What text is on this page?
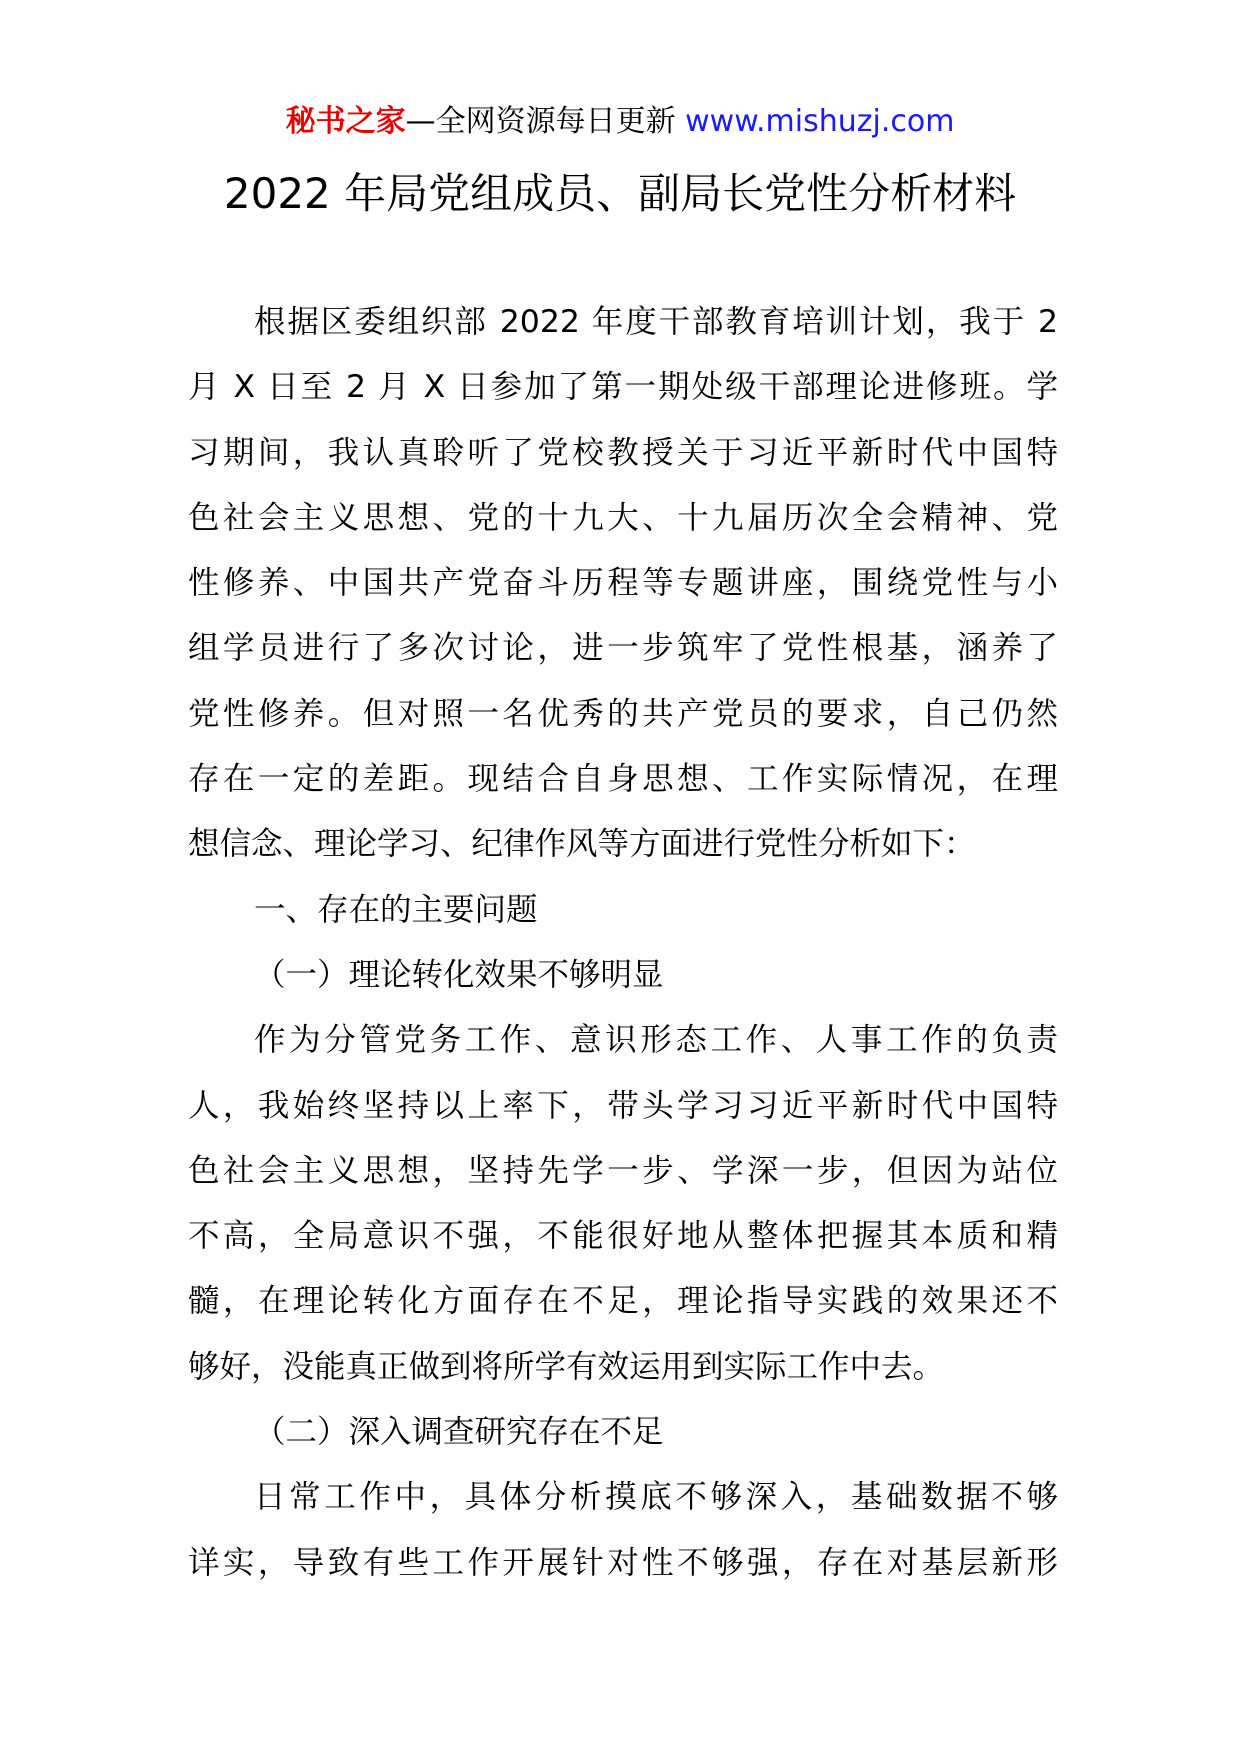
秘书之家—全网资源每日更新 www.mishuzj.com
2022 年局党组成员、副局长党性分析材料
根据区委组织部 2022 年度干部教育培训计划，我于 2
月 X 日至 2 月 X 日参加了第一期处级干部理论进修班。学
习期间，我认真聆听了党校教授关于习近平新时代中国特
色社会主义思想、党的十九大、十九届历次全会精神、党
性修养、中国共产党奋斗历程等专题讲座，围绕党性与小
组学员进行了多次讨论，进一步筑牢了党性根基，涵养了
党性修养。但对照一名优秀的共产党员的要求，自己仍然
存在一定的差距。现结合自身思想、工作实际情况，在理
想信念、理论学习、纪律作风等方面进行党性分析如下：
一、存在的主要问题
（一）理论转化效果不够明显
作为分管党务工作、意识形态工作、人事工作的负责
人，我始终坚持以上率下，带头学习习近平新时代中国特
色社会主义思想，坚持先学一步、学深一步，但因为站位
不高，全局意识不强，不能很好地从整体把握其本质和精
髓，在理论转化方面存在不足，理论指导实践的效果还不
够好，没能真正做到将所学有效运用到实际工作中去。
（二）深入调查研究存在不足
日常工作中，具体分析摸底不够深入，基础数据不够
详实，导致有些工作开展针对性不够强，存在对基层新形
